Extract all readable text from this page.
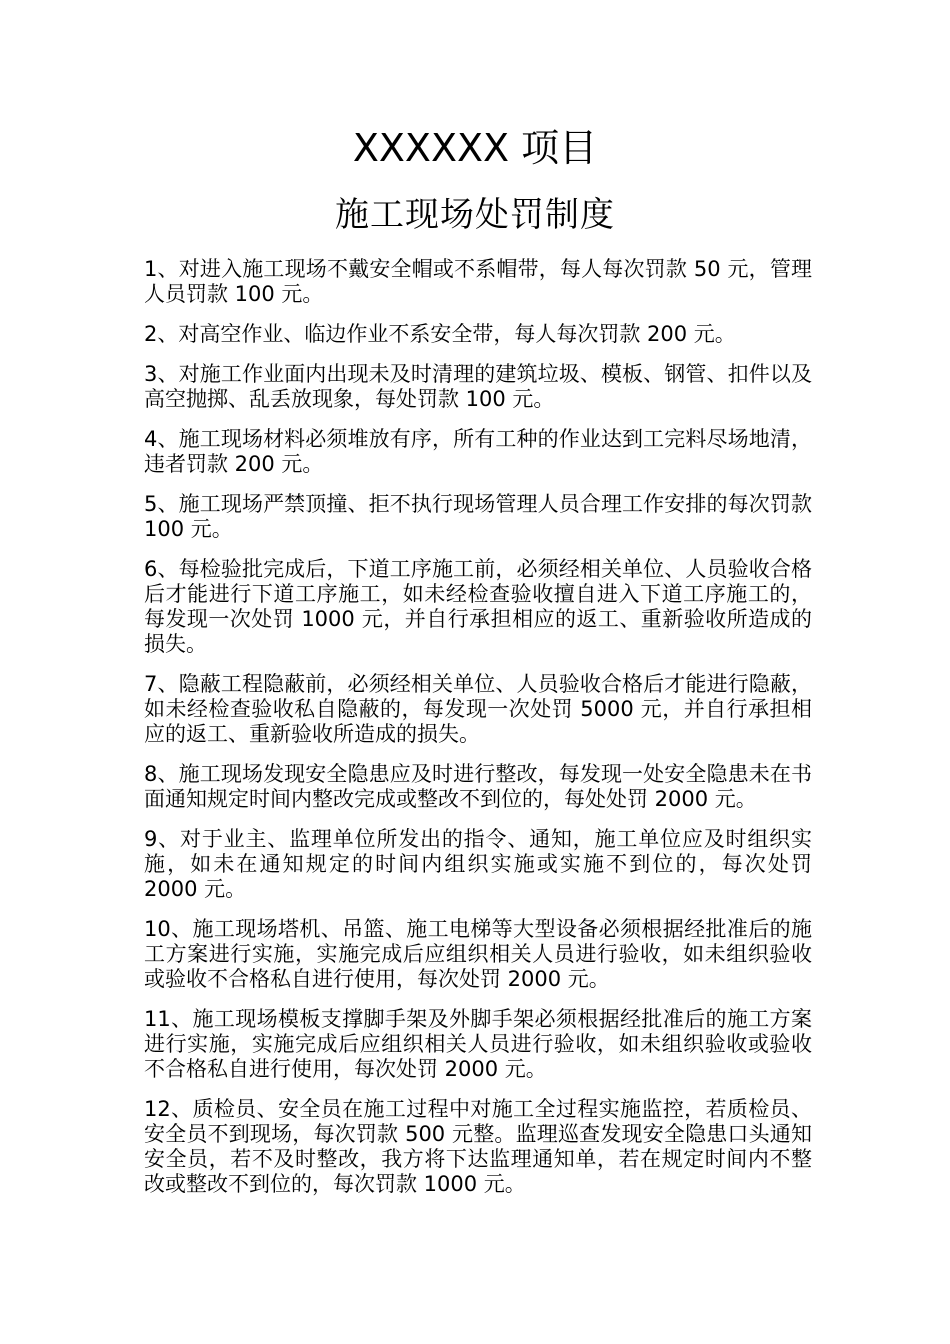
XXXXXX 项目
施工现场处罚制度
1、对进入施工现场不戴安全帽或不系帽带，每人每次罚款 50 元，管理人员罚款 100 元。
2、对高空作业、临边作业不系安全带，每人每次罚款 200 元。
3、对施工作业面内出现未及时清理的建筑垃圾、模板、钢管、扣件以及高空抛掷、乱丢放现象，每处罚款 100 元。
4、施工现场材料必须堆放有序，所有工种的作业达到工完料尽场地清，违者罚款 200 元。
5、施工现场严禁顶撞、拒不执行现场管理人员合理工作安排的每次罚款 100 元。
6、每检验批完成后，下道工序施工前，必须经相关单位、人员验收合格后才能进行下道工序施工，如未经检查验收擅自进入下道工序施工的，每发现一次处罚 1000 元，并自行承担相应的返工、重新验收所造成的损失。
7、隐蔽工程隐蔽前，必须经相关单位、人员验收合格后才能进行隐蔽，如未经检查验收私自隐蔽的，每发现一次处罚 5000 元，并自行承担相应的返工、重新验收所造成的损失。
8、施工现场发现安全隐患应及时进行整改，每发现一处安全隐患未在书面通知规定时间内整改完成或整改不到位的，每处处罚 2000 元。
9、对于业主、监理单位所发出的指令、通知，施工单位应及时组织实施，如未在通知规定的时间内组织实施或实施不到位的，每次处罚 2000 元。
10、施工现场塔机、吊篮、施工电梯等大型设备必须根据经批准后的施工方案进行实施，实施完成后应组织相关人员进行验收，如未组织验收或验收不合格私自进行使用，每次处罚 2000 元。
11、施工现场模板支撑脚手架及外脚手架必须根据经批准后的施工方案进行实施，实施完成后应组织相关人员进行验收，如未组织验收或验收不合格私自进行使用，每次处罚 2000 元。
12、质检员、安全员在施工过程中对施工全过程实施监控，若质检员、安全员不到现场，每次罚款 500 元整。监理巡查发现安全隐患口头通知安全员，若不及时整改，我方将下达监理通知单，若在规定时间内不整改或整改不到位的，每次罚款 1000 元。
